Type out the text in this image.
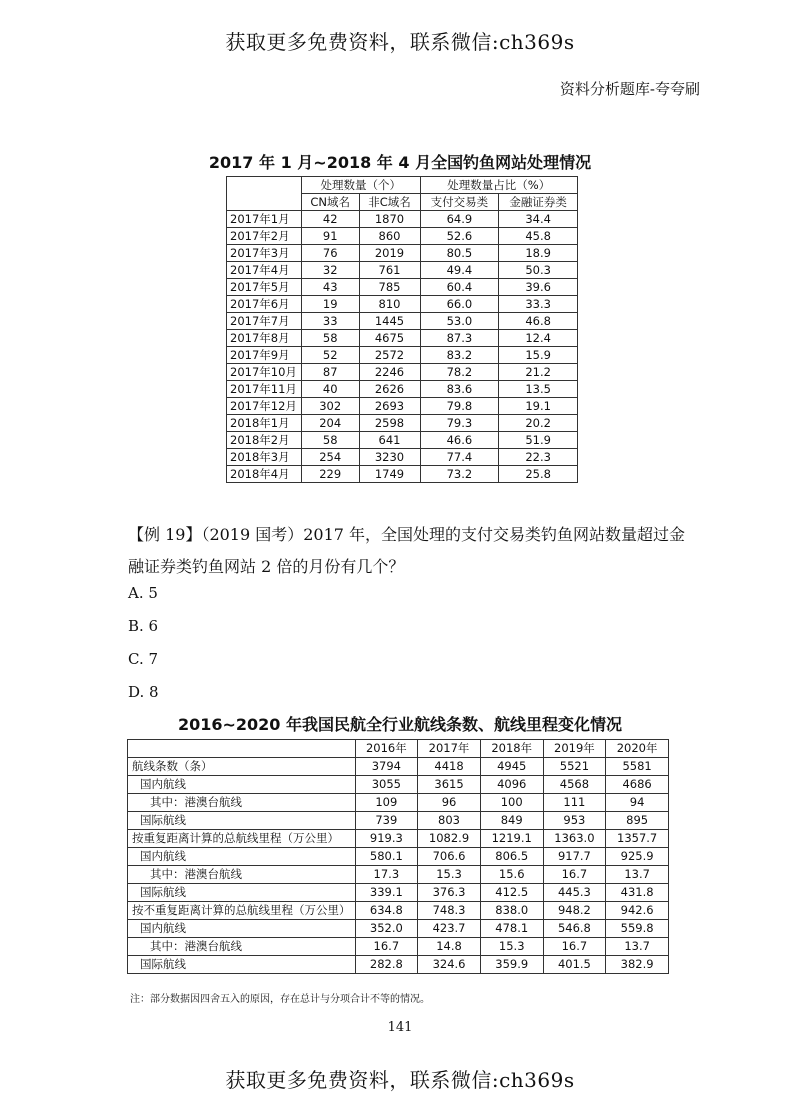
获取更多免费资料，联系微信:ch369s
资料分析题库-夸夸刷
2017 年 1 月~2018 年 4 月全国钓鱼网站处理情况
	处理数量（个）		处理数量占比（%）	
	CN域名	非C域名	支付交易类	金融证券类
2017年1月	42	1870	64.9	34.4
2017年2月	91	860	52.6	45.8
2017年3月	76	2019	80.5	18.9
2017年4月	32	761	49.4	50.3
2017年5月	43	785	60.4	39.6
2017年6月	19	810	66.0	33.3
2017年7月	33	1445	53.0	46.8
2017年8月	58	4675	87.3	12.4
2017年9月	52	2572	83.2	15.9
2017年10月	87	2246	78.2	21.2
2017年11月	40	2626	83.6	13.5
2017年12月	302	2693	79.8	19.1
2018年1月	204	2598	79.3	20.2
2018年2月	58	641	46.6	51.9
2018年3月	254	3230	77.4	22.3
2018年4月	229	1749	73.2	25.8
【例 19】（2019 国考）2017 年，全国处理的支付交易类钓鱼网站数量超过金融证券类钓鱼网站 2 倍的月份有几个？
A. 5
B. 6
C. 7
D. 8
2016~2020 年我国民航全行业航线条数、航线里程变化情况
	2016年	2017年	2018年	2019年	2020年
航线条数（条）	3794	4418	4945	5521	5581
国内航线	3055	3615	4096	4568	4686
其中：港澳台航线	109	96	100	111	94
国际航线	739	803	849	953	895
按重复距离计算的总航线里程（万公里）	919.3	1082.9	1219.1	1363.0	1357.7
国内航线	580.1	706.6	806.5	917.7	925.9
其中：港澳台航线	17.3	15.3	15.6	16.7	13.7
国际航线	339.1	376.3	412.5	445.3	431.8
按不重复距离计算的总航线里程（万公里）	634.8	748.3	838.0	948.2	942.6
国内航线	352.0	423.7	478.1	546.8	559.8
其中：港澳台航线	16.7	14.8	15.3	16.7	13.7
国际航线	282.8	324.6	359.9	401.5	382.9
注：部分数据因四舍五入的原因，存在总计与分项合计不等的情况。
141
获取更多免费资料，联系微信:ch369s
